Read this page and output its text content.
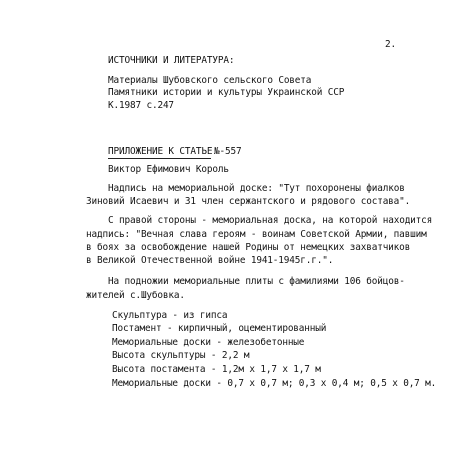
2.
ИСТОЧНИКИ И ЛИТЕРАТУРА:
Материалы Шубовского сельского Совета
Памятники истории и культуры Украинской ССР
К.1987 с.247
ПРИЛОЖЕНИЕ К СТАТЬЕ №-557
Виктор Ефимович Король
Надпись на мемориальной доске: "Тут похоронены фиалков
Зиновий Исаевич и 31 член сержантского и рядового состава".
С правой стороны - мемориальная доска, на которой находится
надпись: "Вечная слава героям - воинам Советской Армии, павшим
в боях за освобождение нашей Родины от немецких захватчиков
в Великой Отечественной войне 1941-1945г.г.".
На подножии мемориальные плиты с фамилиями 106 бойцов-
жителей с.Шубовка.
Скульптура - из гипса
Постамент - кирпичный, оцементированный
Мемориальные доски - железобетонные
Высота скульптуры - 2,2 м
Высота постамента - 1,2м х 1,7 х 1,7 м
Мемориальные доски - 0,7 х 0,7 м; 0,3 х 0,4 м; 0,5 х 0,7 м.
